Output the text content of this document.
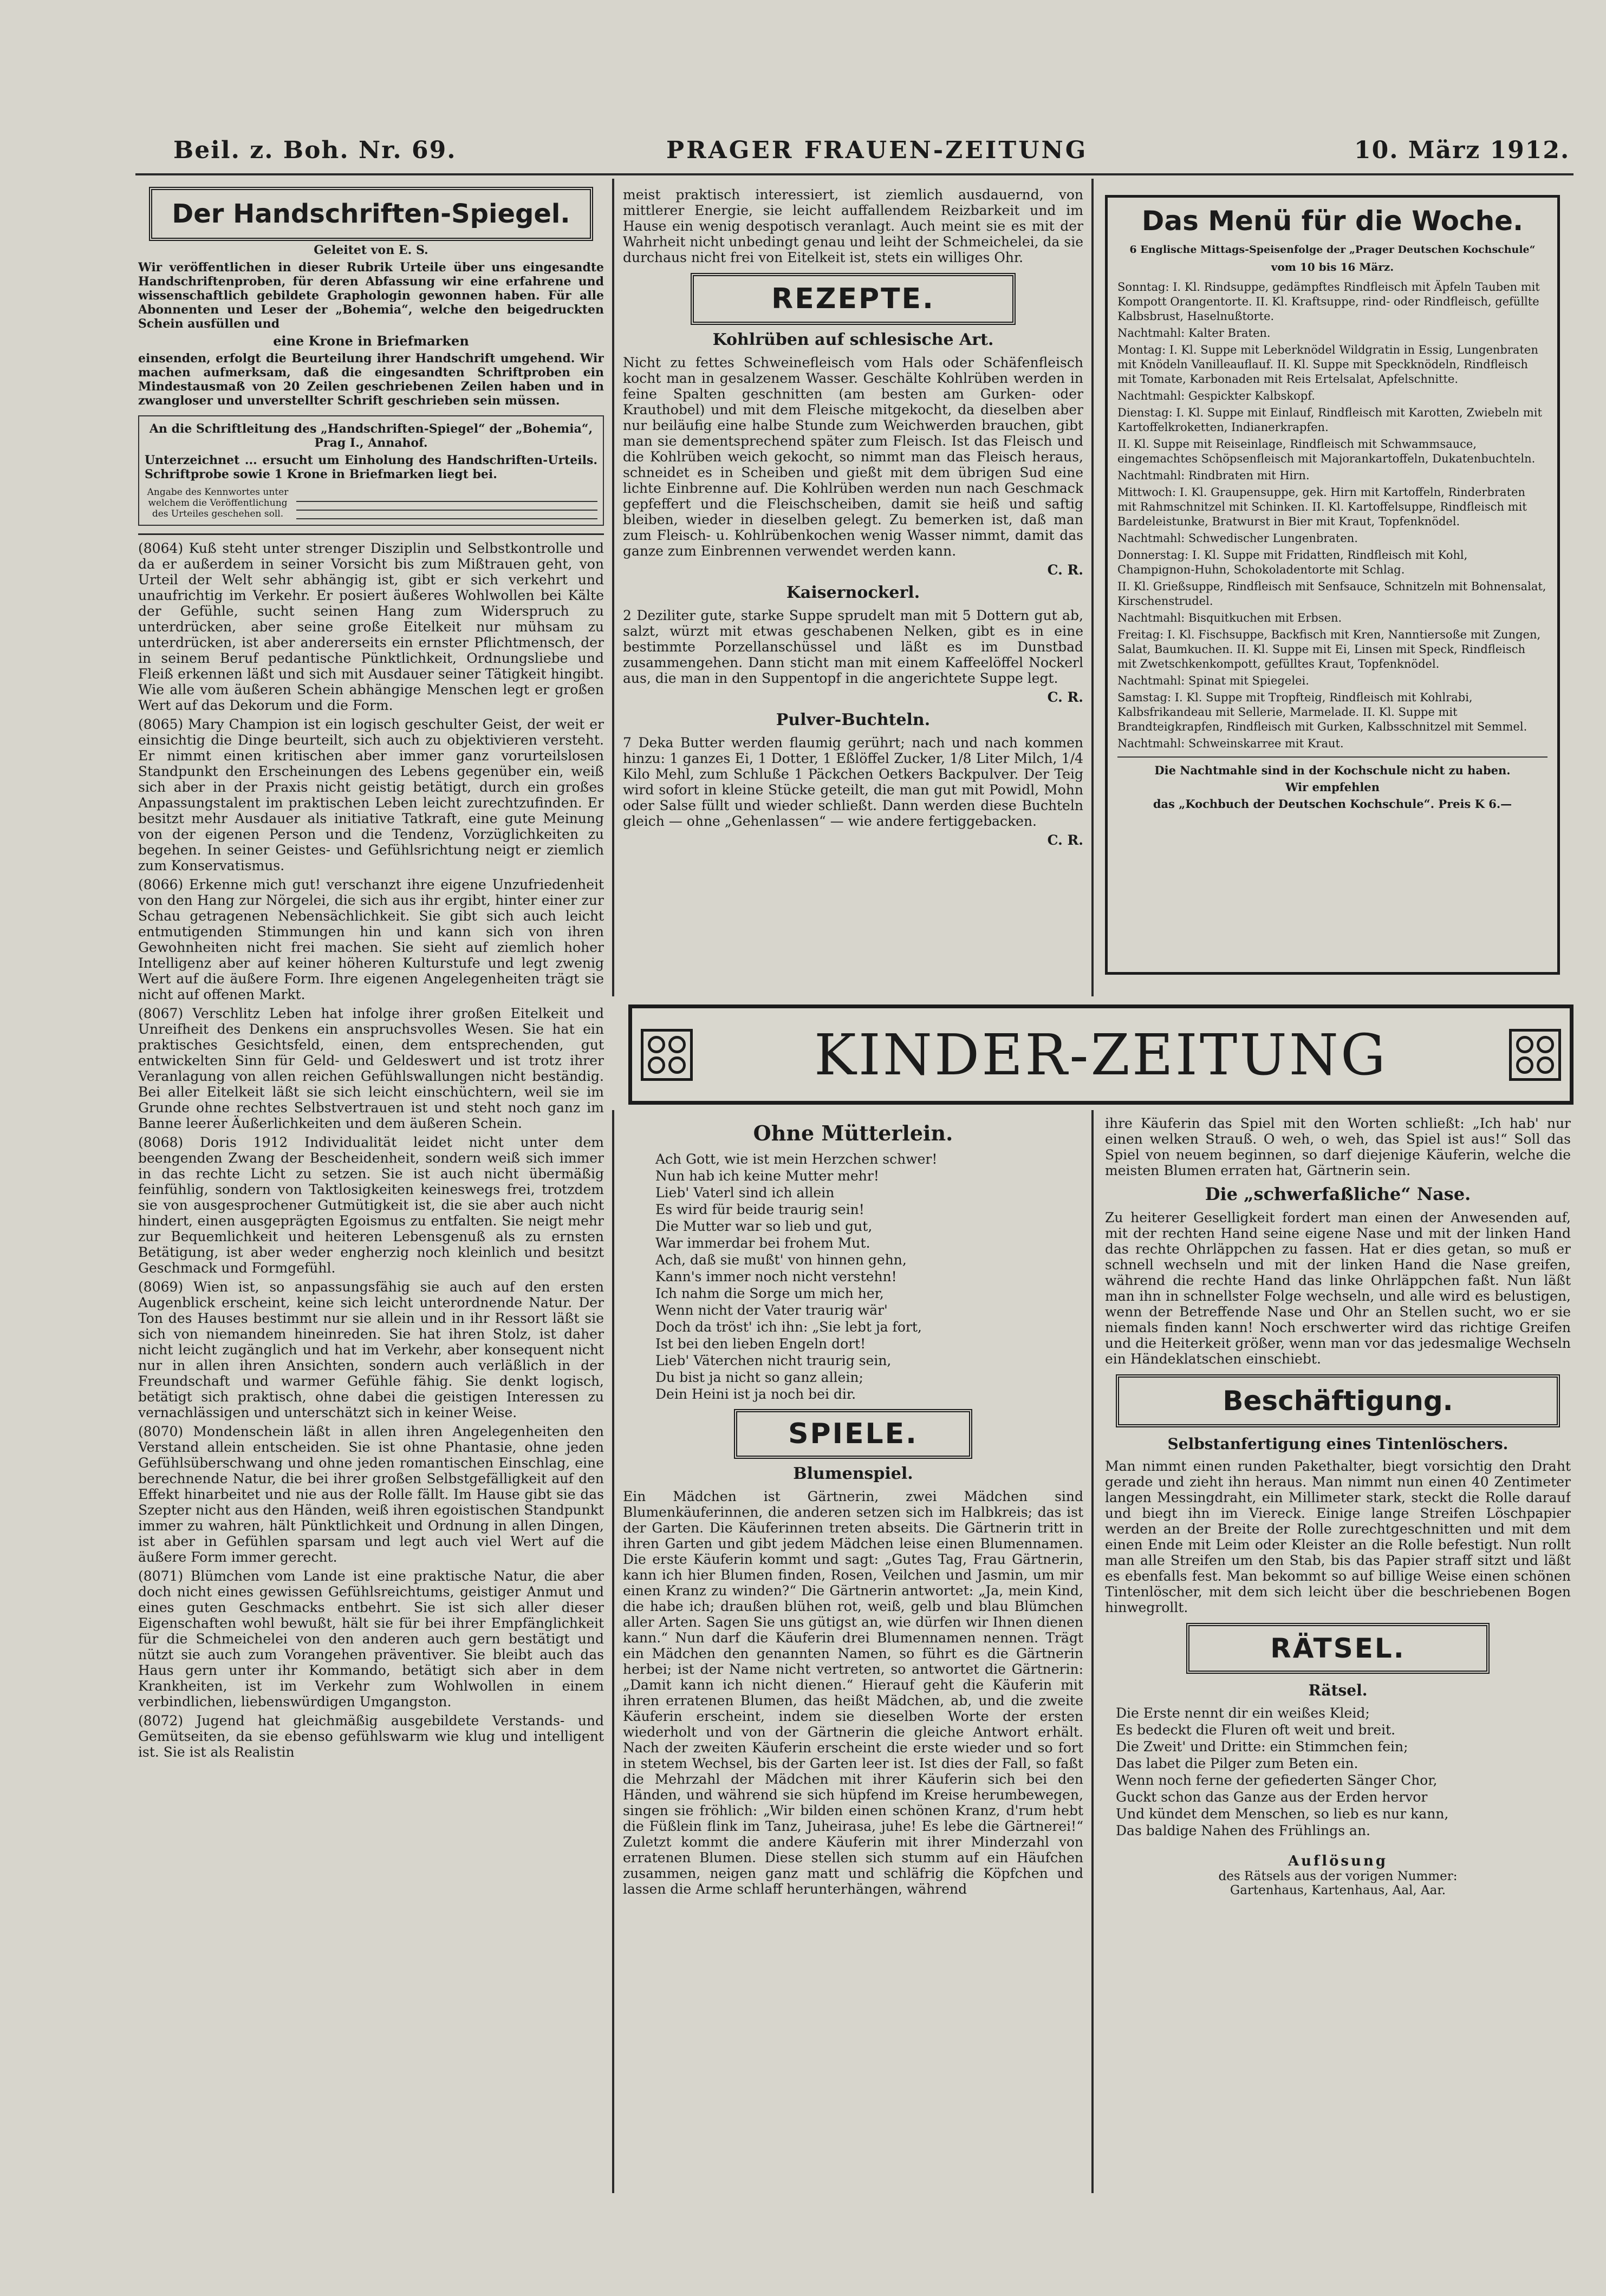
Beil. z. Boh. Nr. 69.	PRAGER FRAUEN-ZEITUNG	10. März 1912.
Der Handschriften-Spiegel.
Geleitet von E. S.

Wir veröffentlichen in dieser Rubrik Urteile über uns eingesandte Handschriftenproben, für deren Abfassung wir eine erfahrene und wissenschaftlich gebildete Graphologin gewonnen haben. Für alle Abonnenten und Leser der „Bohemia“, welche den beigedruckten Schein ausfüllen und

eine Krone in Briefmarken

einsenden, erfolgt die Beurteilung ihrer Handschrift umgehend. Wir machen aufmerksam, daß die eingesandten Schriftproben ein Mindestausmaß von 20 Zeilen geschriebenen Zeilen haben und in zwangloser und unverstellter Schrift geschrieben sein müssen.

An die Schriftleitung des „Handschriften-Spiegel“ der „Bohemia“, Prag I., Annahof.

Unterzeichnet ... ersucht um Einholung des Handschriften-Urteils. Schriftprobe sowie 1 Krone in Briefmarken liegt bei.

Angabe des Kennwortes unter welchem die Veröffentlichung des Urteiles geschehen soll.

(8064) Kuß steht unter strenger Disziplin und Selbstkontrolle und da er außerdem in seiner Vorsicht bis zum Mißtrauen geht, von Urteil der Welt sehr abhängig ist, gibt er sich verkehrt und unaufrichtig im Verkehr. Er posiert äußeres Wohlwollen bei Kälte der Gefühle, sucht seinen Hang zum Widerspruch zu unterdrücken, aber seine große Eitelkeit nur mühsam zu unterdrücken, ist aber andererseits ein ernster Pflichtmensch, der in seinem Beruf pedantische Pünktlichkeit, Ordnungsliebe und Fleiß erkennen läßt und sich mit Ausdauer seiner Tätigkeit hingibt. Wie alle vom äußeren Schein abhängige Menschen legt er großen Wert auf das Dekorum und die Form.

(8065) Mary Champion ist ein logisch geschulter Geist, der weit er einsichtig die Dinge beurteilt, sich auch zu objektivieren versteht. Er nimmt einen kritischen aber immer ganz vorurteilslosen Standpunkt den Erscheinungen des Lebens gegenüber ein, weiß sich aber in der Praxis nicht geistig betätigt, durch ein großes Anpassungstalent im praktischen Leben leicht zurechtzufinden. Er besitzt mehr Ausdauer als initiative Tatkraft, eine gute Meinung von der eigenen Person und die Tendenz, Vorzüglichkeiten zu begehen. In seiner Geistes- und Gefühlsrichtung neigt er ziemlich zum Konservatismus.

(8066) Erkenne mich gut! verschanzt ihre eigene Unzufriedenheit von den Hang zur Nörgelei, die sich aus ihr ergibt, hinter einer zur Schau getragenen Nebensächlichkeit. Sie gibt sich auch leicht entmutigenden Stimmungen hin und kann sich von ihren Gewohnheiten nicht frei machen. Sie sieht auf ziemlich hoher Intelligenz aber auf keiner höheren Kulturstufe und legt zwenig Wert auf die äußere Form. Ihre eigenen Angelegenheiten trägt sie nicht auf offenen Markt.

(8067) Verschlitz Leben hat infolge ihrer großen Eitelkeit und Unreifheit des Denkens ein anspruchsvolles Wesen. Sie hat ein praktisches Gesichtsfeld, einen, dem entsprechenden, gut entwickelten Sinn für Geld- und Geldeswert und ist trotz ihrer Veranlagung von allen reichen Gefühlswallungen nicht beständig. Bei aller Eitelkeit läßt sie sich leicht einschüchtern, weil sie im Grunde ohne rechtes Selbstvertrauen ist und steht noch ganz im Banne leerer Äußerlichkeiten und dem äußeren Schein.

(8068) Doris 1912 Individualität leidet nicht unter dem beengenden Zwang der Bescheidenheit, sondern weiß sich immer in das rechte Licht zu setzen. Sie ist auch nicht übermäßig feinfühlig, sondern von Taktlosigkeiten keineswegs frei, trotzdem sie von ausgesprochener Gutmütigkeit ist, die sie aber auch nicht hindert, einen ausgeprägten Egoismus zu entfalten. Sie neigt mehr zur Bequemlichkeit und heiteren Lebensgenuß als zu ernsten Betätigung, ist aber weder engherzig noch kleinlich und besitzt Geschmack und Formgefühl.

(8069) Wien ist, so anpassungsfähig sie auch auf den ersten Augenblick erscheint, keine sich leicht unterordnende Natur. Der Ton des Hauses bestimmt nur sie allein und in ihr Ressort läßt sie sich von niemandem hineinreden. Sie hat ihren Stolz, ist daher nicht leicht zugänglich und hat im Verkehr, aber konsequent nicht nur in allen ihren Ansichten, sondern auch verläßlich in der Freundschaft und warmer Gefühle fähig. Sie denkt logisch, betätigt sich praktisch, ohne dabei die geistigen Interessen zu vernachlässigen und unterschätzt sich in keiner Weise.

(8070) Mondenschein läßt in allen ihren Angelegenheiten den Verstand allein entscheiden. Sie ist ohne Phantasie, ohne jeden Gefühlsüberschwang und ohne jeden romantischen Einschlag, eine berechnende Natur, die bei ihrer großen Selbstgefälligkeit auf den Effekt hinarbeitet und nie aus der Rolle fällt. Im Hause gibt sie das Szepter nicht aus den Händen, weiß ihren egoistischen Standpunkt immer zu wahren, hält Pünktlichkeit und Ordnung in allen Dingen, ist aber in Gefühlen sparsam und legt auch viel Wert auf die äußere Form immer gerecht.

(8071) Blümchen vom Lande ist eine praktische Natur, die aber doch nicht eines gewissen Gefühlsreichtums, geistiger Anmut und eines guten Geschmacks entbehrt. Sie ist sich aller dieser Eigenschaften wohl bewußt, hält sie für bei ihrer Empfänglichkeit für die Schmeichelei von den anderen auch gern bestätigt und nützt sie auch zum Vorangehen präventiver. Sie bleibt auch das Haus gern unter ihr Kommando, betätigt sich aber in dem Krankheiten, ist im Verkehr zum Wohlwollen in einem verbindlichen, liebenswürdigen Umgangston.

(8072) Jugend hat gleichmäßig ausgebildete Verstands- und Gemütseiten, da sie ebenso gefühlswarm wie klug und intelligent ist. Sie ist als Realistin

meist praktisch interessiert, ist ziemlich ausdauernd, von mittlerer Energie, sie leicht auffallendem Reizbarkeit und im Hause ein wenig despotisch veranlagt. Auch meint sie es mit der Wahrheit nicht unbedingt genau und leiht der Schmeichelei, da sie durchaus nicht frei von Eitelkeit ist, stets ein williges Ohr.

REZEPTE.
Kohlrüben auf schlesische Art.

Nicht zu fettes Schweinefleisch vom Hals oder Schäfenfleisch kocht man in gesalzenem Wasser. Geschälte Kohlrüben werden in feine Spalten geschnitten (am besten am Gurken- oder Krauthobel) und mit dem Fleische mitgekocht, da dieselben aber nur beiläufig eine halbe Stunde zum Weichwerden brauchen, gibt man sie dementsprechend später zum Fleisch. Ist das Fleisch und die Kohlrüben weich gekocht, so nimmt man das Fleisch heraus, schneidet es in Scheiben und gießt mit dem übrigen Sud eine lichte Einbrenne auf. Die Kohlrüben werden nun nach Geschmack gepfeffert und die Fleischscheiben, damit sie heiß und saftig bleiben, wieder in dieselben gelegt. Zu bemerken ist, daß man zum Fleisch- u. Kohlrübenkochen wenig Wasser nimmt, damit das ganze zum Einbrennen verwendet werden kann.

C. R.
Kaisernockerl.

2 Deziliter gute, starke Suppe sprudelt man mit 5 Dottern gut ab, salzt, würzt mit etwas geschabenen Nelken, gibt es in eine bestimmte Porzellanschüssel und läßt es im Dunstbad zusammengehen. Dann sticht man mit einem Kaffeelöffel Nockerl aus, die man in den Suppentopf in die angerichtete Suppe legt.

C. R.
Pulver-Buchteln.

7 Deka Butter werden flaumig gerührt; nach und nach kommen hinzu: 1 ganzes Ei, 1 Dotter, 1 Eßlöffel Zucker, 1/8 Liter Milch, 1/4 Kilo Mehl, zum Schluße 1 Päckchen Oetkers Backpulver. Der Teig wird sofort in kleine Stücke geteilt, die man gut mit Powidl, Mohn oder Salse füllt und wieder schließt. Dann werden diese Buchteln gleich — ohne „Gehenlassen“ — wie andere fertiggebacken.

C. R.
Das Menü für die Woche.
6 Englische Mittags-Speisenfolge der „Prager Deutschen Kochschule“
vom 10 bis 16 März.

Sonntag: I. Kl. Rindsuppe, gedämpftes Rindfleisch mit Äpfeln Tauben mit Kompott Orangentorte. II. Kl. Kraftsuppe, rind- oder Rindfleisch, gefüllte Kalbsbrust, Haselnußtorte.

Nachtmahl: Kalter Braten.

Montag: I. Kl. Suppe mit Leberknödel Wildgratin in Essig, Lungenbraten mit Knödeln Vanilleauflauf. II. Kl. Suppe mit Speckknödeln, Rindfleisch mit Tomate, Karbonaden mit Reis Ertelsalat, Apfelschnitte.

Nachtmahl: Gespickter Kalbskopf.

Dienstag: I. Kl. Suppe mit Einlauf, Rindfleisch mit Karotten, Zwiebeln mit Kartoffelkroketten, Indianerkrapfen.

II. Kl. Suppe mit Reiseinlage, Rindfleisch mit Schwammsauce, eingemachtes Schöpsenfleisch mit Majorankartoffeln, Dukatenbuchteln.

Nachtmahl: Rindbraten mit Hirn.

Mittwoch: I. Kl. Graupensuppe, gek. Hirn mit Kartoffeln, Rinderbraten mit Rahmschnitzel mit Schinken. II. Kl. Kartoffelsuppe, Rindfleisch mit Bardeleistunke, Bratwurst in Bier mit Kraut, Topfenknödel.

Nachtmahl: Schwedischer Lungenbraten.

Donnerstag: I. Kl. Suppe mit Fridatten, Rindfleisch mit Kohl, Champignon-Huhn, Schokoladentorte mit Schlag.

II. Kl. Grießsuppe, Rindfleisch mit Senfsauce, Schnitzeln mit Bohnensalat, Kirschenstrudel.

Nachtmahl: Bisquitkuchen mit Erbsen.

Freitag: I. Kl. Fischsuppe, Backfisch mit Kren, Nanntiersoße mit Zungen, Salat, Baumkuchen. II. Kl. Suppe mit Ei, Linsen mit Speck, Rindfleisch mit Zwetschkenkompott, gefülltes Kraut, Topfenknödel.

Nachtmahl: Spinat mit Spiegelei.

Samstag: I. Kl. Suppe mit Tropfteig, Rindfleisch mit Kohlrabi, Kalbsfrikandeau mit Sellerie, Marmelade. II. Kl. Suppe mit Brandteigkrapfen, Rindfleisch mit Gurken, Kalbsschnitzel mit Semmel.

Nachtmahl: Schweinskarree mit Kraut.

Die Nachtmahle sind in der Kochschule nicht zu haben.
Wir empfehlen
das „Kochbuch der Deutschen Kochschule“. Preis K 6.—
KINDER-ZEITUNG
Ohne Mütterlein.

Ach Gott, wie ist mein Herzchen schwer!

Nun hab ich keine Mutter mehr!

Lieb' Vaterl sind ich allein

Es wird für beide traurig sein!

Die Mutter war so lieb und gut,

War immerdar bei frohem Mut.

Ach, daß sie mußt' von hinnen gehn,

Kann's immer noch nicht verstehn!

Ich nahm die Sorge um mich her,

Wenn nicht der Vater traurig wär'

Doch da tröst' ich ihn: „Sie lebt ja fort,

Ist bei den lieben Engeln dort!

Lieb' Väterchen nicht traurig sein,

Du bist ja nicht so ganz allein;

Dein Heini ist ja noch bei dir.

SPIELE.
Blumenspiel.

Ein Mädchen ist Gärtnerin, zwei Mädchen sind Blumenkäuferinnen, die anderen setzen sich im Halbkreis; das ist der Garten. Die Käuferinnen treten abseits. Die Gärtnerin tritt in ihren Garten und gibt jedem Mädchen leise einen Blumennamen. Die erste Käuferin kommt und sagt: „Gutes Tag, Frau Gärtnerin, kann ich hier Blumen finden, Rosen, Veilchen und Jasmin, um mir einen Kranz zu winden?“ Die Gärtnerin antwortet: „Ja, mein Kind, die habe ich; draußen blühen rot, weiß, gelb und blau Blümchen aller Arten. Sagen Sie uns gütigst an, wie dürfen wir Ihnen dienen kann.“ Nun darf die Käuferin drei Blumennamen nennen. Trägt ein Mädchen den genannten Namen, so führt es die Gärtnerin herbei; ist der Name nicht vertreten, so antwortet die Gärtnerin: „Damit kann ich nicht dienen.“ Hierauf geht die Käuferin mit ihren erratenen Blumen, das heißt Mädchen, ab, und die zweite Käuferin erscheint, indem sie dieselben Worte der ersten wiederholt und von der Gärtnerin die gleiche Antwort erhält. Nach der zweiten Käuferin erscheint die erste wieder und so fort in stetem Wechsel, bis der Garten leer ist. Ist dies der Fall, so faßt die Mehrzahl der Mädchen mit ihrer Käuferin sich bei den Händen, und während sie sich hüpfend im Kreise herumbewegen, singen sie fröhlich: „Wir bilden einen schönen Kranz, d'rum hebt die Füßlein flink im Tanz, Juheirasa, juhe! Es lebe die Gärtnerei!“ Zuletzt kommt die andere Käuferin mit ihrer Minderzahl von erratenen Blumen. Diese stellen sich stumm auf ein Häufchen zusammen, neigen ganz matt und schläfrig die Köpfchen und lassen die Arme schlaff herunterhängen, während

ihre Käuferin das Spiel mit den Worten schließt: „Ich hab' nur einen welken Strauß. O weh, o weh, das Spiel ist aus!“ Soll das Spiel von neuem beginnen, so darf diejenige Käuferin, welche die meisten Blumen erraten hat, Gärtnerin sein.

Die „schwerfaßliche“ Nase.

Zu heiterer Geselligkeit fordert man einen der Anwesenden auf, mit der rechten Hand seine eigene Nase und mit der linken Hand das rechte Ohrläppchen zu fassen. Hat er dies getan, so muß er schnell wechseln und mit der linken Hand die Nase greifen, während die rechte Hand das linke Ohrläppchen faßt. Nun läßt man ihn in schnellster Folge wechseln, und alle wird es belustigen, wenn der Betreffende Nase und Ohr an Stellen sucht, wo er sie niemals finden kann! Noch erschwerter wird das richtige Greifen und die Heiterkeit größer, wenn man vor das jedesmalige Wechseln ein Händeklatschen einschiebt.

Beschäftigung.
Selbstanfertigung eines Tintenlöschers.

Man nimmt einen runden Pakethalter, biegt vorsichtig den Draht gerade und zieht ihn heraus. Man nimmt nun einen 40 Zentimeter langen Messingdraht, ein Millimeter stark, steckt die Rolle darauf und biegt ihn im Viereck. Einige lange Streifen Löschpapier werden an der Breite der Rolle zurechtgeschnitten und mit dem einen Ende mit Leim oder Kleister an die Rolle befestigt. Nun rollt man alle Streifen um den Stab, bis das Papier straff sitzt und läßt es ebenfalls fest. Man bekommt so auf billige Weise einen schönen Tintenlöscher, mit dem sich leicht über die beschriebenen Bogen hinwegrollt.

RÄTSEL.
Rätsel.

Die Erste nennt dir ein weißes Kleid;

Es bedeckt die Fluren oft weit und breit.

Die Zweit' und Dritte: ein Stimmchen fein;

Das labet die Pilger zum Beten ein.

Wenn noch ferne der gefiederten Sänger Chor,

Guckt schon das Ganze aus der Erden hervor

Und kündet dem Menschen, so lieb es nur kann,

Das baldige Nahen des Frühlings an.

Auflösung
des Rätsels aus der vorigen Nummer:
Gartenhaus, Kartenhaus, Aal, Aar.
